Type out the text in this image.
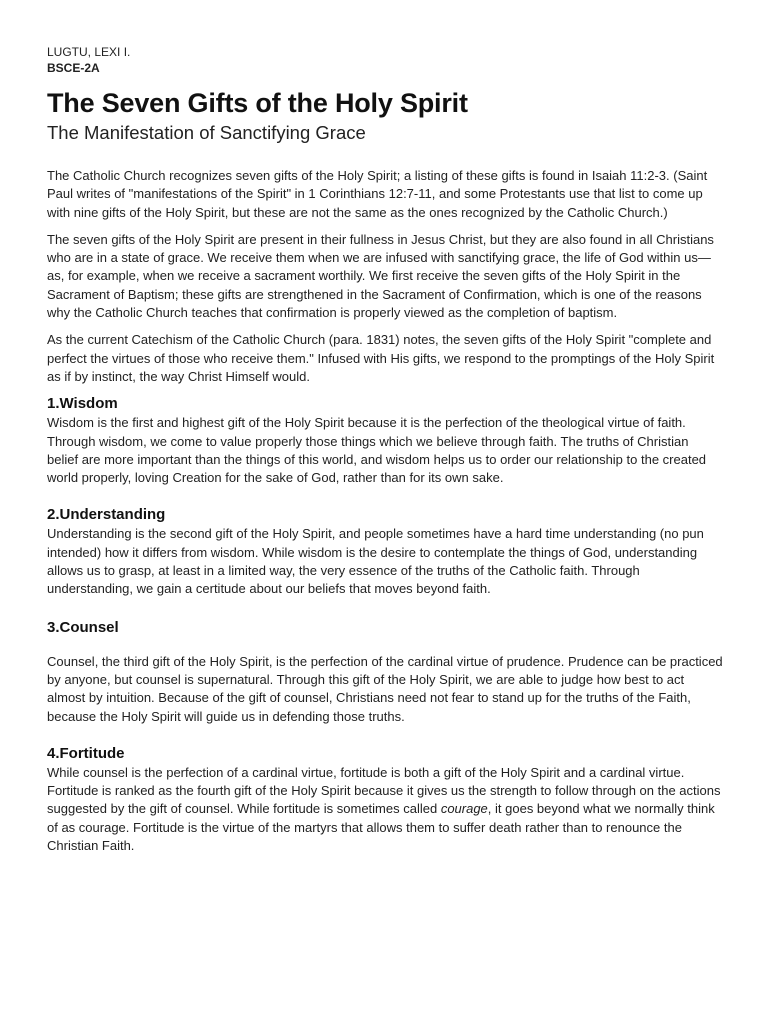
LUGTU, LEXI I.
BSCE-2A
The Seven Gifts of the Holy Spirit
The Manifestation of Sanctifying Grace

The Catholic Church recognizes seven gifts of the Holy Spirit; a listing of these gifts is found in Isaiah 11:2-3. (Saint Paul writes of "manifestations of the Spirit" in 1 Corinthians 12:7-11, and some Protestants use that list to come up with nine gifts of the Holy Spirit, but these are not the same as the ones recognized by the Catholic Church.)

The seven gifts of the Holy Spirit are present in their fullness in Jesus Christ, but they are also found in all Christians who are in a state of grace. We receive them when we are infused with sanctifying grace, the life of God within us—as, for example, when we receive a sacrament worthily. We first receive the seven gifts of the Holy Spirit in the Sacrament of Baptism; these gifts are strengthened in the Sacrament of Confirmation, which is one of the reasons why the Catholic Church teaches that confirmation is properly viewed as the completion of baptism.

As the current Catechism of the Catholic Church (para. 1831) notes, the seven gifts of the Holy Spirit "complete and perfect the virtues of those who receive them." Infused with His gifts, we respond to the promptings of the Holy Spirit as if by instinct, the way Christ Himself would.

1.Wisdom

Wisdom is the first and highest gift of the Holy Spirit because it is the perfection of the theological virtue of faith. Through wisdom, we come to value properly those things which we believe through faith. The truths of Christian belief are more important than the things of this world, and wisdom helps us to order our relationship to the created world properly, loving Creation for the sake of God, rather than for its own sake.

2.Understanding

Understanding is the second gift of the Holy Spirit, and people sometimes have a hard time understanding (no pun intended) how it differs from wisdom. While wisdom is the desire to contemplate the things of God, understanding allows us to grasp, at least in a limited way, the very essence of the truths of the Catholic faith. Through understanding, we gain a certitude about our beliefs that moves beyond faith.

3.Counsel

Counsel, the third gift of the Holy Spirit, is the perfection of the cardinal virtue of prudence. Prudence can be practiced by anyone, but counsel is supernatural. Through this gift of the Holy Spirit, we are able to judge how best to act almost by intuition. Because of the gift of counsel, Christians need not fear to stand up for the truths of the Faith, because the Holy Spirit will guide us in defending those truths.

4.Fortitude

While counsel is the perfection of a cardinal virtue, fortitude is both a gift of the Holy Spirit and a cardinal virtue. Fortitude is ranked as the fourth gift of the Holy Spirit because it gives us the strength to follow through on the actions suggested by the gift of counsel. While fortitude is sometimes called courage, it goes beyond what we normally think of as courage. Fortitude is the virtue of the martyrs that allows them to suffer death rather than to renounce the Christian Faith.
